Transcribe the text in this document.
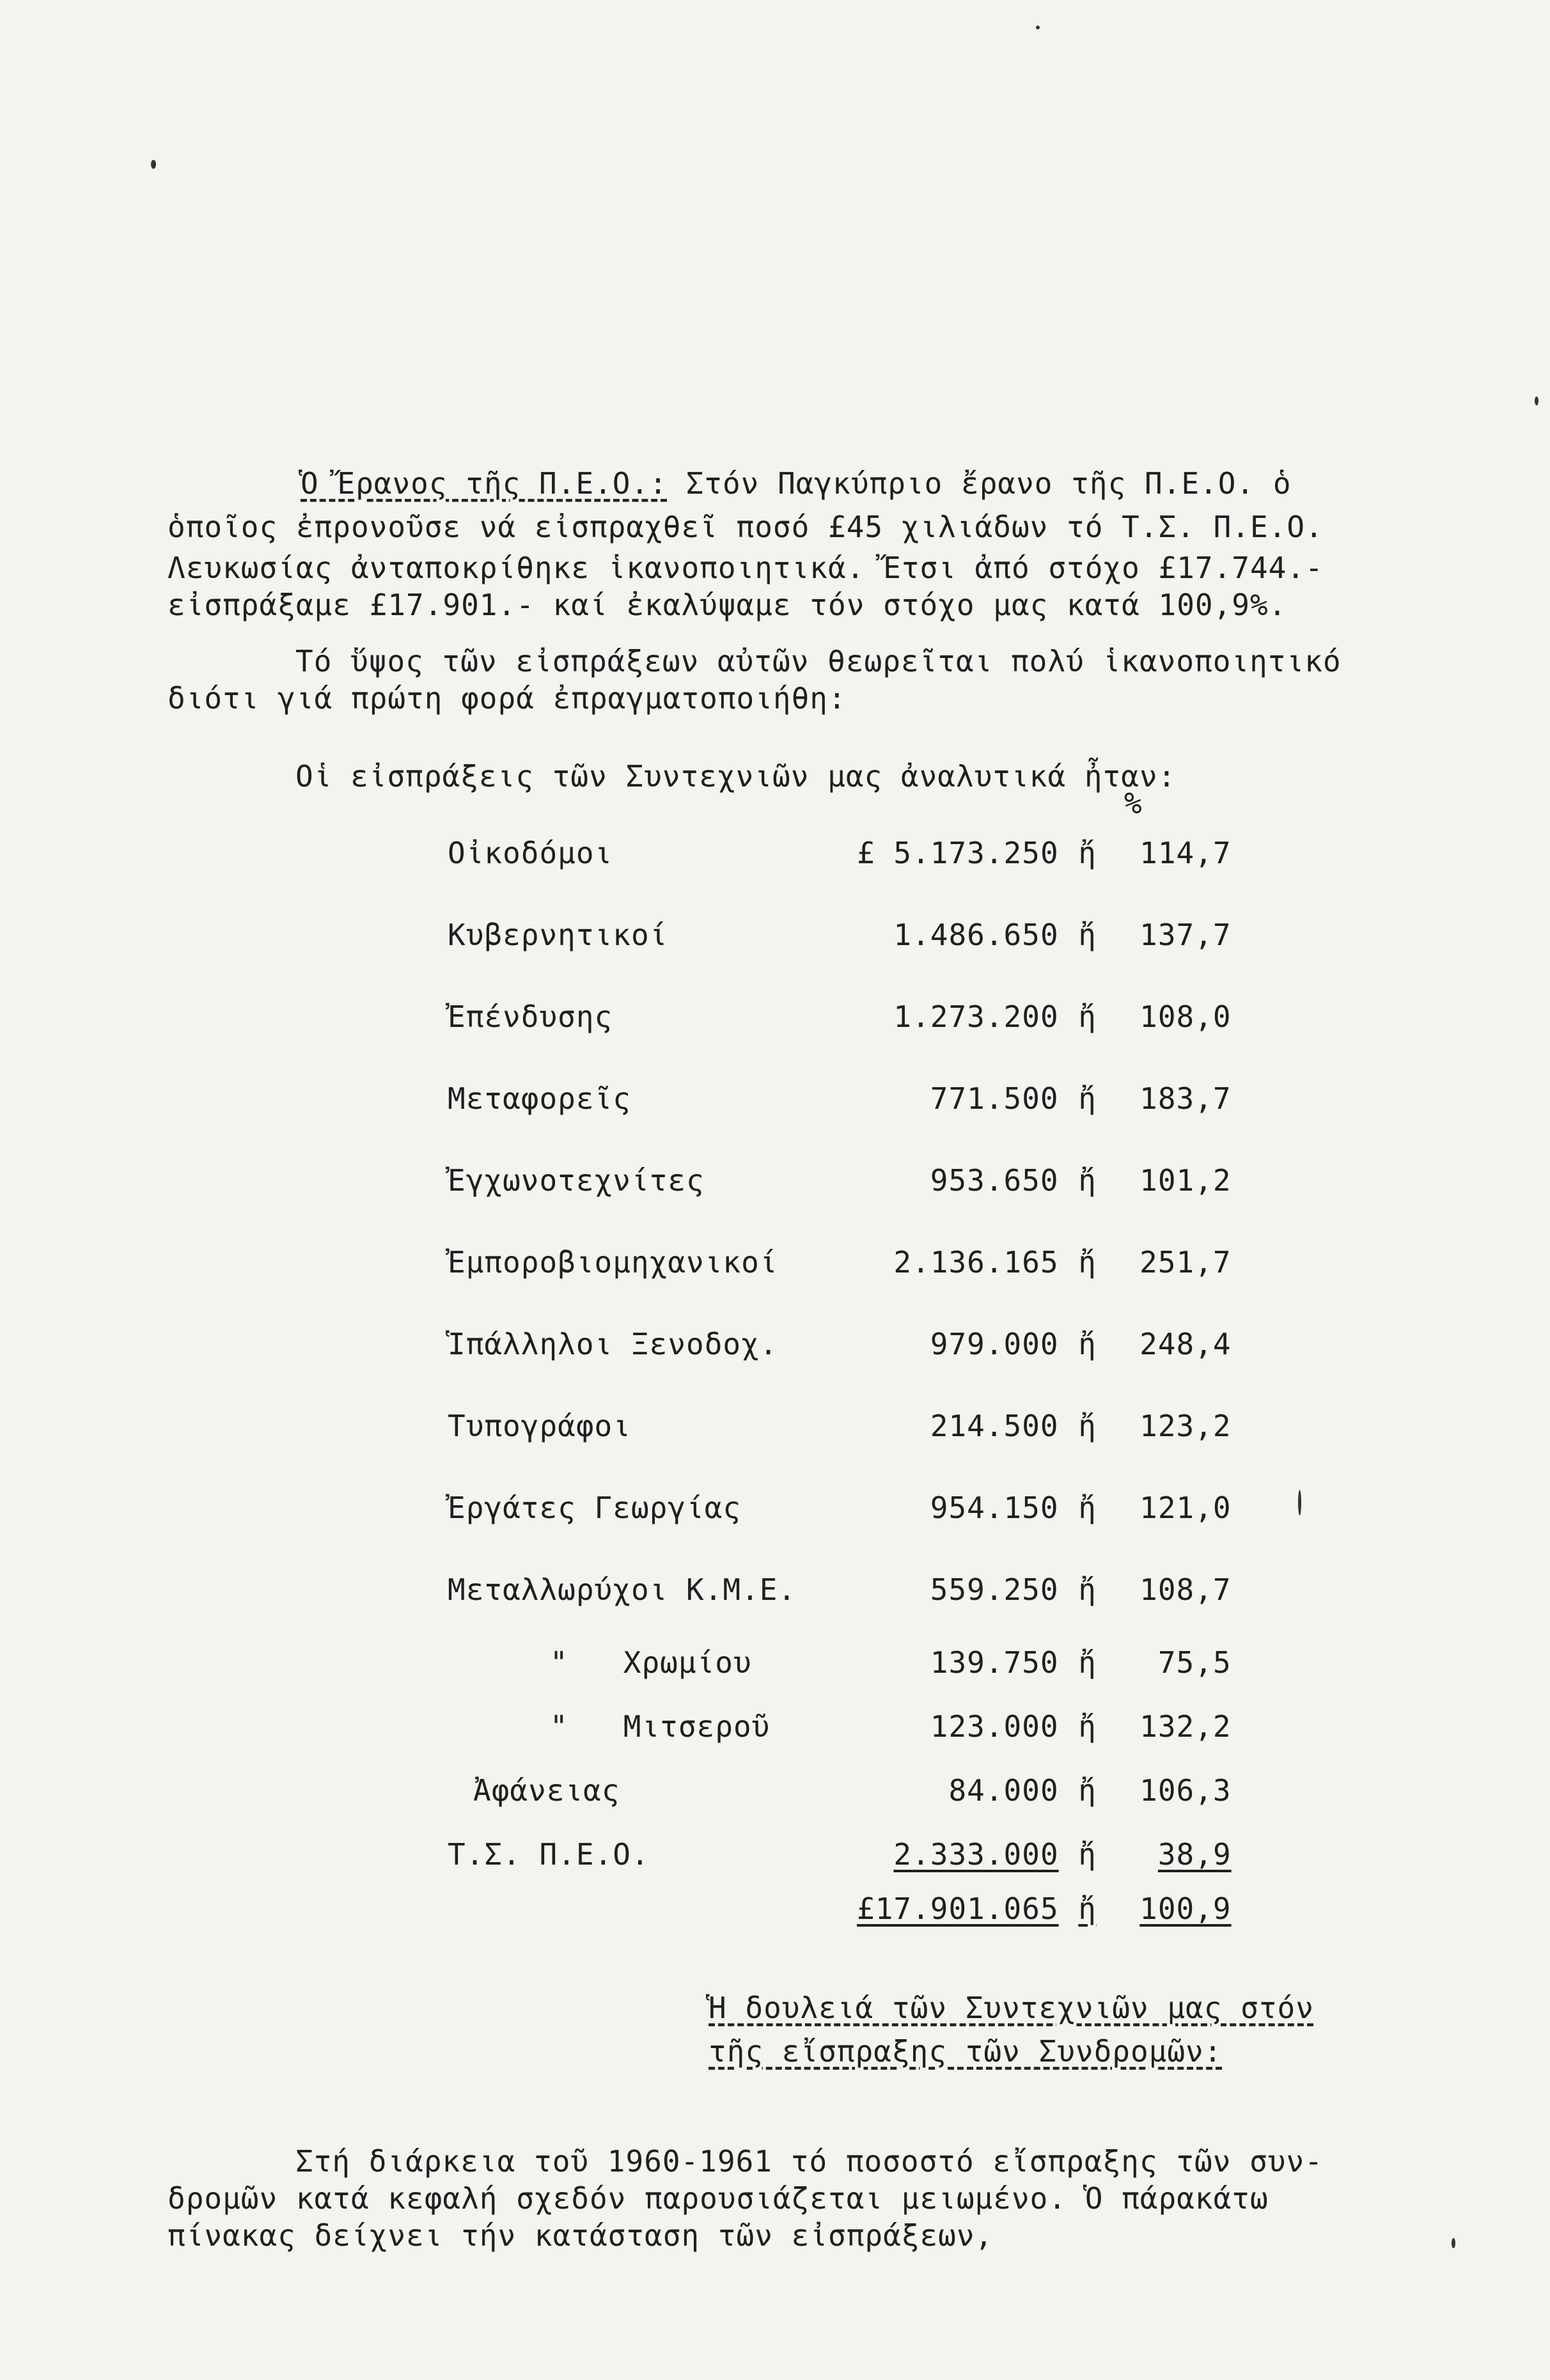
Ὁ Ἔρανος τῆς Π.Ε.Ο.: Στόν Παγκύπριο ἔρανο τῆς Π.Ε.Ο. ὁ
ὁποῖος ἐπρονοῦσε νά εἰσπραχθεῖ ποσό £45 χιλιάδων τό Τ.Σ. Π.Ε.Ο.
Λευκωσίας ἀνταποκρίθηκε ἱκανοποιητικά. Ἔτσι ἀπό στόχο £17.744.-
εἰσπράξαμε £17.901.- καί ἐκαλύψαμε τόν στόχο μας κατά 100,9%.
Τό ὕψος τῶν εἰσπράξεων αὐτῶν θεωρεῖται πολύ ἱκανοποιητικό
διότι γιά πρώτη φορά ἐπραγματοποιήθη:
Οἱ εἰσπράξεις τῶν Συντεχνιῶν μας ἀναλυτικά ἦταν:
%
Οἰκοδόμοι	£ 5.173.250	ἤ	114,7
Κυβερνητικοί	1.486.650	ἤ	137,7
Ἐπένδυσης	1.273.200	ἤ	108,0
Μεταφορεῖς	771.500	ἤ	183,7
Ἐγχωνοτεχνίτες	953.650	ἤ	101,2
Ἐμποροβιομηχανικοί	2.136.165	ἤ	251,7
Ἱπάλληλοι Ξενοδοχ.	979.000	ἤ	248,4
Τυπογράφοι	214.500	ἤ	123,2
Ἐργάτες Γεωργίας	954.150	ἤ	121,0
Μεταλλωρύχοι Κ.Μ.Ε.	559.250	ἤ	108,7
"   Χρωμίου	139.750	ἤ	75,5
"   Μιτσεροῦ	123.000	ἤ	132,2
Ἀφάνειας	84.000	ἤ	106,3
Τ.Σ. Π.Ε.Ο.	2.333.000	ἤ	38,9
	£17.901.065	ἤ	100,9
Ἡ δουλειά τῶν Συντεχνιῶν μας στόν
τῆς εἴσπραξης τῶν Συνδρομῶν:
Στή διάρκεια τοῦ 1960-1961 τό ποσοστό εἴσπραξης τῶν συν-
δρομῶν κατά κεφαλή σχεδόν παρουσιάζεται μειωμένο. Ὁ πάρακάτω
πίνακας δείχνει τήν κατάσταση τῶν εἰσπράξεων,
